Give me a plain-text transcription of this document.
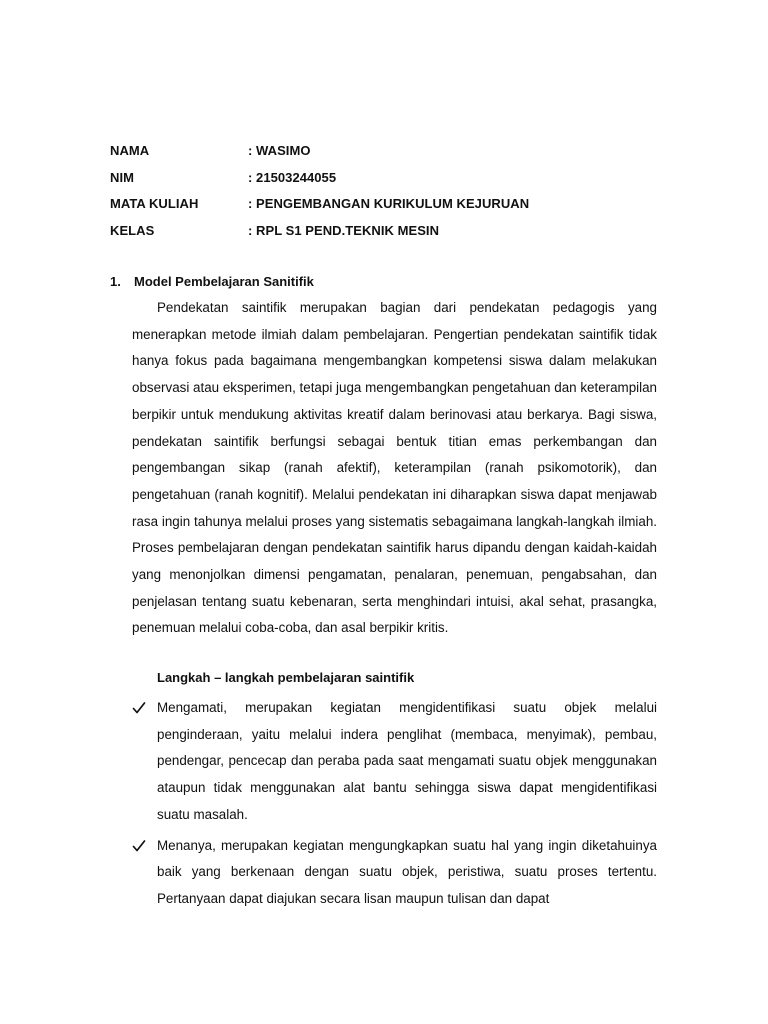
NAMA	: WASIMO
NIM	: 21503244055
MATA KULIAH	: PENGEMBANGAN KURIKULUM KEJURUAN
KELAS	: RPL S1 PEND.TEKNIK MESIN
1. Model Pembelajaran Sanitifik

Pendekatan saintifik merupakan bagian dari pendekatan pedagogis yang menerapkan metode ilmiah dalam pembelajaran. Pengertian pendekatan saintifik tidak hanya fokus pada bagaimana mengembangkan kompetensi siswa dalam melakukan observasi atau eksperimen, tetapi juga mengembangkan pengetahuan dan keterampilan berpikir untuk mendukung aktivitas kreatif dalam berinovasi atau berkarya. Bagi siswa, pendekatan saintifik berfungsi sebagai bentuk titian emas perkembangan dan pengembangan sikap (ranah afektif), keterampilan (ranah psikomotorik), dan pengetahuan (ranah kognitif). Melalui pendekatan ini diharapkan siswa dapat menjawab rasa ingin tahunya melalui proses yang sistematis sebagaimana langkah-langkah ilmiah. Proses pembelajaran dengan pendekatan saintifik harus dipandu dengan kaidah-kaidah yang menonjolkan dimensi pengamatan, penalaran, penemuan, pengabsahan, dan penjelasan tentang suatu kebenaran, serta menghindari intuisi, akal sehat, prasangka, penemuan melalui coba-coba, dan asal berpikir kritis.

Langkah – langkah pembelajaran saintifik
Mengamati, merupakan kegiatan mengidentifikasi suatu objek melalui penginderaan, yaitu melalui indera penglihat (membaca, menyimak), pembau, pendengar, pencecap dan peraba pada saat mengamati suatu objek menggunakan ataupun tidak menggunakan alat bantu sehingga siswa dapat mengidentifikasi suatu masalah.
Menanya, merupakan kegiatan mengungkapkan suatu hal yang ingin diketahuinya baik yang berkenaan dengan suatu objek, peristiwa, suatu proses tertentu. Pertanyaan dapat diajukan secara lisan maupun tulisan dan dapat
